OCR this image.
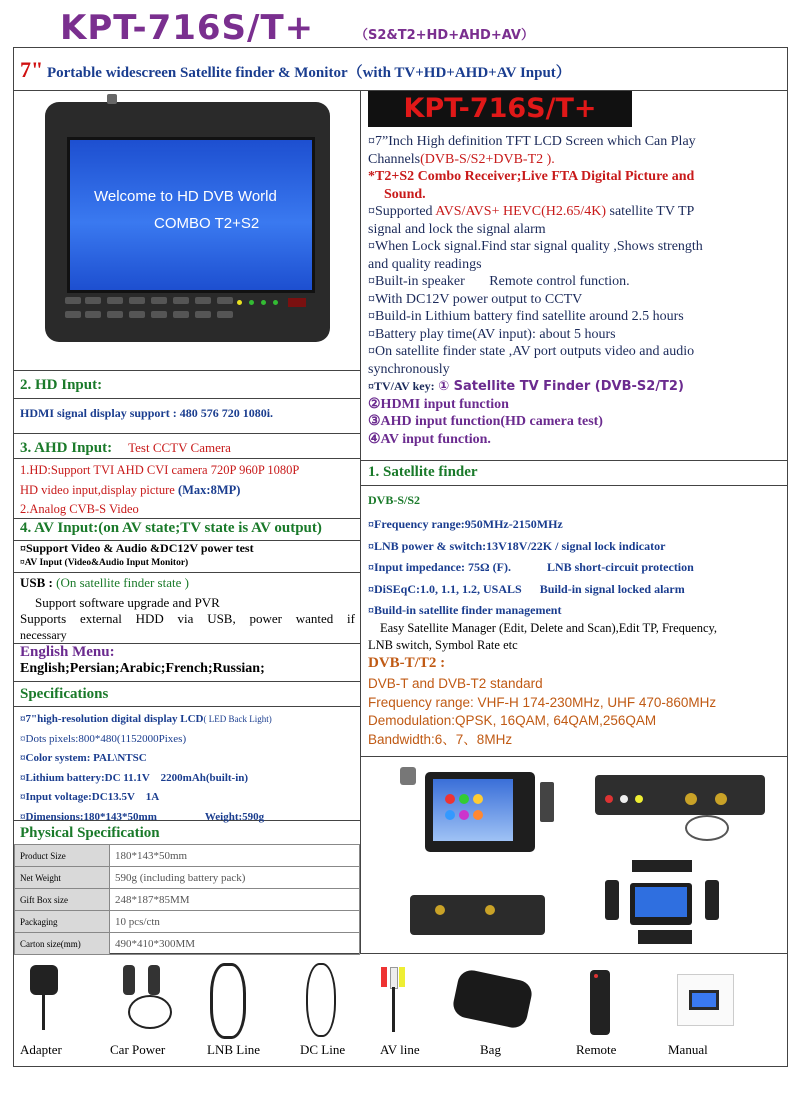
KPT-716S/T+	（S2&T2+HD+AHD+AV）
7" Portable widescreen Satellite finder & Monitor（with TV+HD+AHD+AV Input）
Welcome to HD DVB World
COMBO T2+S2
KPT-716S/T+
¤7”Inch High definition TFT LCD Screen which Can Play
Channels(DVB-S/S2+DVB-T2 ).
*T2+S2 Combo Receiver;Live FTA Digital Picture and
Sound.
¤Supported AVS/AVS+ HEVC(H2.65/4K) satellite TV TP
signal and lock the signal alarm
¤When Lock signal.Find star signal quality ,Shows strength
and quality readings
¤Built-in speaker       Remote control function.
¤With DC12V power output to CCTV
¤Build-in Lithium battery find satellite around 2.5 hours
¤Battery play time(AV input): about 5 hours
¤On satellite finder state ,AV port outputs video and audio
synchronously
¤TV/AV key: ① Satellite TV Finder (DVB-S2/T2)
②HDMI input function
③AHD input function(HD camera test)
④AV input function.
2. HD Input:
HDMI signal display support : 480 576 720 1080i.
3. AHD Input: Test CCTV Camera
1.HD:Support TVI AHD CVI camera 720P 960P 1080P
HD video input,display picture (Max:8MP)
2.Analog CVB-S Video
4. AV Input:(on AV state;TV state is AV output)
¤Support Video & Audio &DC12V power test
¤AV Input (Video&Audio Input Monitor)
USB : (On satellite finder state )
Support software upgrade and PVR
Supports external HDD via USB, power wanted if
necessary
English Menu:
English;Persian;Arabic;French;Russian;
Specifications
¤7"high-resolution digital display LCD( LED Back Light)
¤Dots pixels:800*480(1152000Pixes)
¤Color system: PAL\NTSC
¤Lithium battery:DC 11.1V    2200mAh(built-in)
¤Input voltage:DC13.5V    1A
¤Dimensions:180*143*50mm	Weight:590g
Physical Specification
Product Size	180*143*50mm
Net Weight	590g (including battery pack)
Gift Box size	248*187*85MM
Packaging	10 pcs/ctn
Carton size(mm)	490*410*300MM
1. Satellite finder
DVB-S/S2
¤Frequency range:950MHz-2150MHz
¤LNB power & switch:13V18V/22K / signal lock indicator
¤Input impedance: 75Ω (F).            LNB short-circuit protection
¤DiSEqC:1.0, 1.1, 1.2, USALS      Build-in signal locked alarm
¤Build-in satellite finder management
Easy Satellite Manager (Edit, Delete and Scan),Edit TP, Frequency,
LNB switch, Symbol Rate etc
DVB-T/T2 :
DVB-T and DVB-T2 standard
Frequency range: VHF-H 174-230MHz, UHF 470-860MHz
Demodulation:QPSK, 16QAM, 64QAM,256QAM
Bandwidth:6、7、8MHz
Adapter	Car Power	LNB Line	DC Line	AV line	Bag	Remote	Manual
